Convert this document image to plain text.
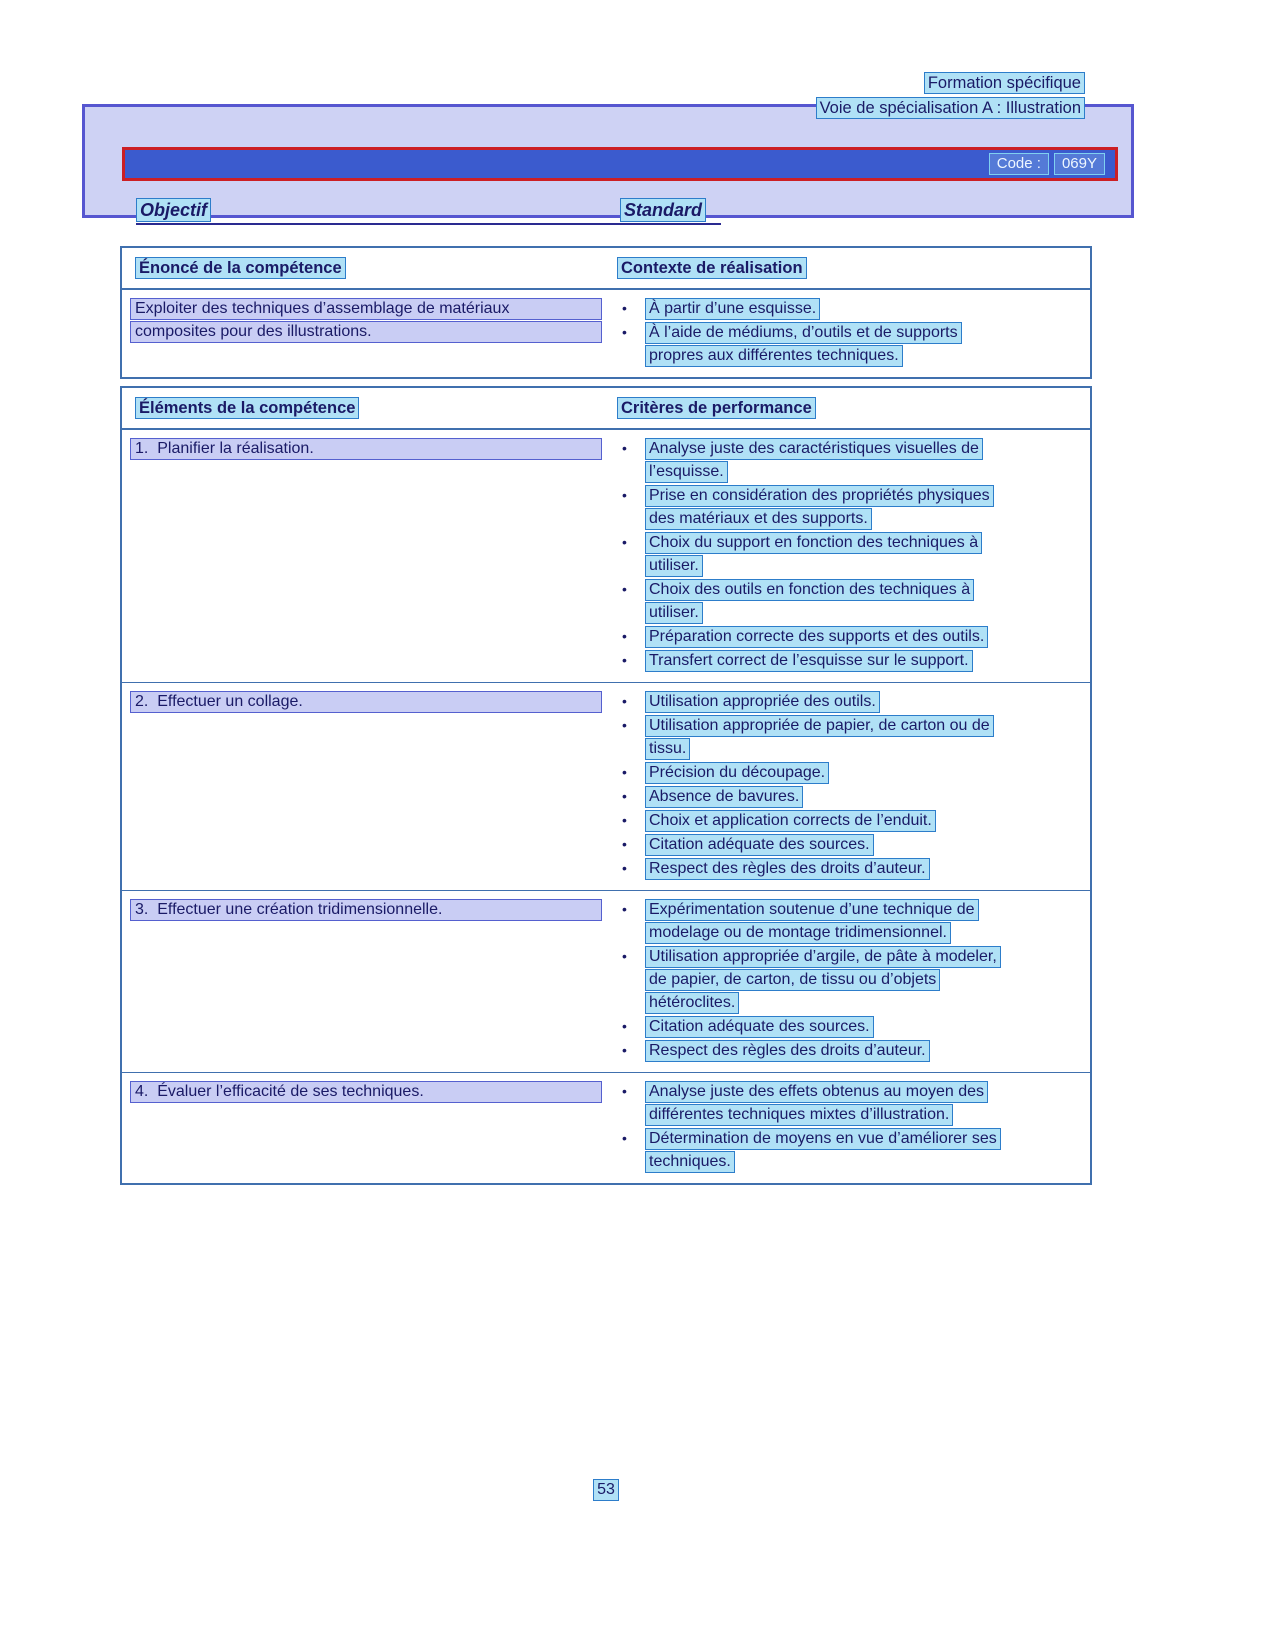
Formation spécifique
Voie de spécialisation A : Illustration
Code :	069Y
Objectif	Standard
Énoncé de la compétence	Contexte de réalisation
Exploiter des techniques d’assemblage de matériaux
composites pour des illustrations.
•	À partir d’une esquisse.
•	À l’aide de médiums, d’outils et de supports
propres aux différentes techniques.
Éléments de la compétence	Critères de performance
1.  Planifier la réalisation.	•	Analyse juste des caractéristiques visuelles de
l’esquisse.
•	Prise en considération des propriétés physiques
des matériaux et des supports.
•	Choix du support en fonction des techniques à
utiliser.
•	Choix des outils en fonction des techniques à
utiliser.
•	Préparation correcte des supports et des outils.
•	Transfert correct de l’esquisse sur le support.
2.  Effectuer un collage.	•	Utilisation appropriée des outils.
•	Utilisation appropriée de papier, de carton ou de
tissu.
•	Précision du découpage.
•	Absence de bavures.
•	Choix et application corrects de l’enduit.
•	Citation adéquate des sources.
•	Respect des règles des droits d’auteur.
3.  Effectuer une création tridimensionnelle.	•	Expérimentation soutenue d’une technique de
modelage ou de montage tridimensionnel.
•	Utilisation appropriée d’argile, de pâte à modeler,
de papier, de carton, de tissu ou d’objets
hétéroclites.
•	Citation adéquate des sources.
•	Respect des règles des droits d’auteur.
4.  Évaluer l’efficacité de ses techniques.	•	Analyse juste des effets obtenus au moyen des
différentes techniques mixtes d’illustration.
•	Détermination de moyens en vue d’améliorer ses
techniques.
53
